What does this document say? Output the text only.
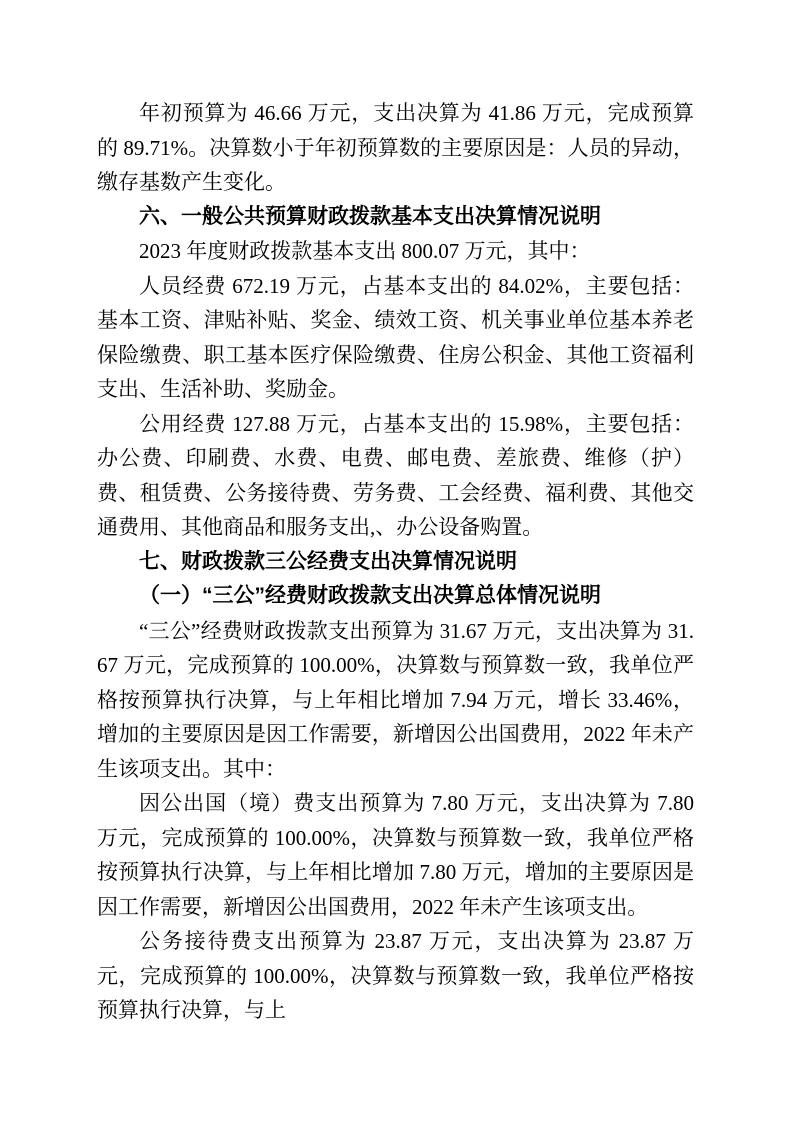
年初预算为 46.66 万元，支出决算为 41.86 万元，完成预算的 89.71%。决算数小于年初预算数的主要原因是：人员的异动，缴存基数产生变化。

六、一般公共预算财政拨款基本支出决算情况说明

2023 年度财政拨款基本支出 800.07 万元，其中：

人员经费 672.19 万元，占基本支出的 84.02%，主要包括：基本工资、津贴补贴、奖金、绩效工资、机关事业单位基本养老保险缴费、职工基本医疗保险缴费、住房公积金、其他工资福利支出、生活补助、奖励金。

公用经费 127.88 万元，占基本支出的 15.98%，主要包括：办公费、印刷费、水费、电费、邮电费、差旅费、维修（护）费、租赁费、公务接待费、劳务费、工会经费、福利费、其他交通费用、其他商品和服务支出,、办公设备购置。

七、财政拨款三公经费支出决算情况说明
（一）“三公”经费财政拨款支出决算总体情况说明

“三公”经费财政拨款支出预算为 31.67 万元，支出决算为 31.67 万元，完成预算的 100.00%，决算数与预算数一致，我单位严格按预算执行决算，与上年相比增加 7.94 万元，增长 33.46%，增加的主要原因是因工作需要，新增因公出国费用，2022 年未产生该项支出。其中：

因公出国（境）费支出预算为 7.80 万元，支出决算为 7.80 万元，完成预算的 100.00%，决算数与预算数一致，我单位严格按预算执行决算，与上年相比增加 7.80 万元，增加的主要原因是因工作需要，新增因公出国费用，2022 年未产生该项支出。

公务接待费支出预算为 23.87 万元，支出决算为 23.87 万元，完成预算的 100.00%，决算数与预算数一致，我单位严格按预算执行决算，与上
